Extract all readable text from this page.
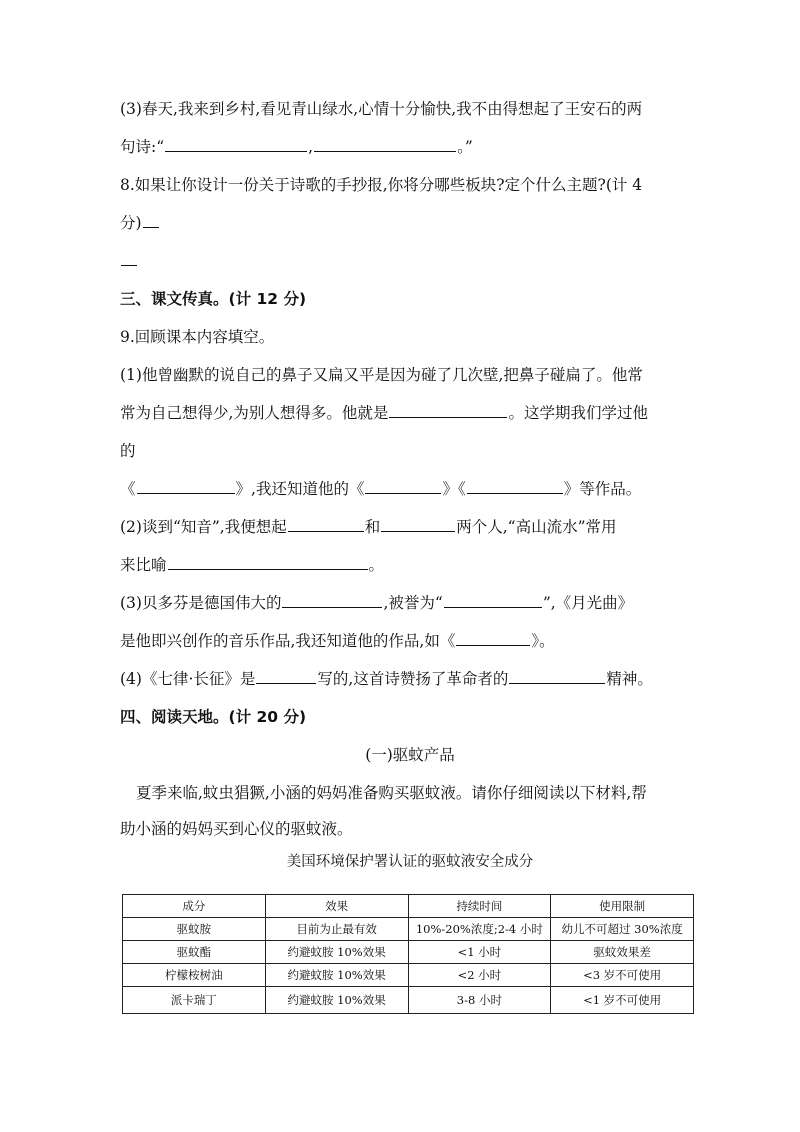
(3)春天,我来到乡村,看见青山绿水,心情十分愉快,我不由得想起了王安石的两
句诗:“	,	。”
8.如果让你设计一份关于诗歌的手抄报,你将分哪些板块?定个什么主题?(计 4
分)
三、课文传真。(计 12 分)
9.回顾课本内容填空。
(1)他曾幽默的说自己的鼻子又扁又平是因为碰了几次壁,把鼻子碰扁了。他常
常为自己想得少,为别人想得多。他就是	。这学期我们学过他
的
《	》,我还知道他的《	》《	》等作品。
(2)谈到“知音”,我便想起	和	两个人,“高山流水”常用
来比喻	。
(3)贝多芬是德国伟大的	,被誉为“	”,《月光曲》
是他即兴创作的音乐作品,我还知道他的作品,如《	》。
(4)《七律·长征》是	写的,这首诗赞扬了革命者的	精神。
四、阅读天地。(计 20 分)
(一)驱蚊产品
夏季来临,蚊虫猖獗,小涵的妈妈准备购买驱蚊液。请你仔细阅读以下材料,帮
助小涵的妈妈买到心仪的驱蚊液。
美国环境保护署认证的驱蚊液安全成分
成分	效果	持续时间	使用限制
驱蚊胺	目前为止最有效	10%-20%浓度;2-4 小时	幼儿不可超过 30%浓度
驱蚊酯	约避蚊胺 10%效果	<1 小时	驱蚊效果差
柠檬桉树油	约避蚊胺 10%效果	<2 小时	<3 岁不可使用
派卡瑞丁	约避蚊胺 10%效果	3-8 小时	<1 岁不可使用
